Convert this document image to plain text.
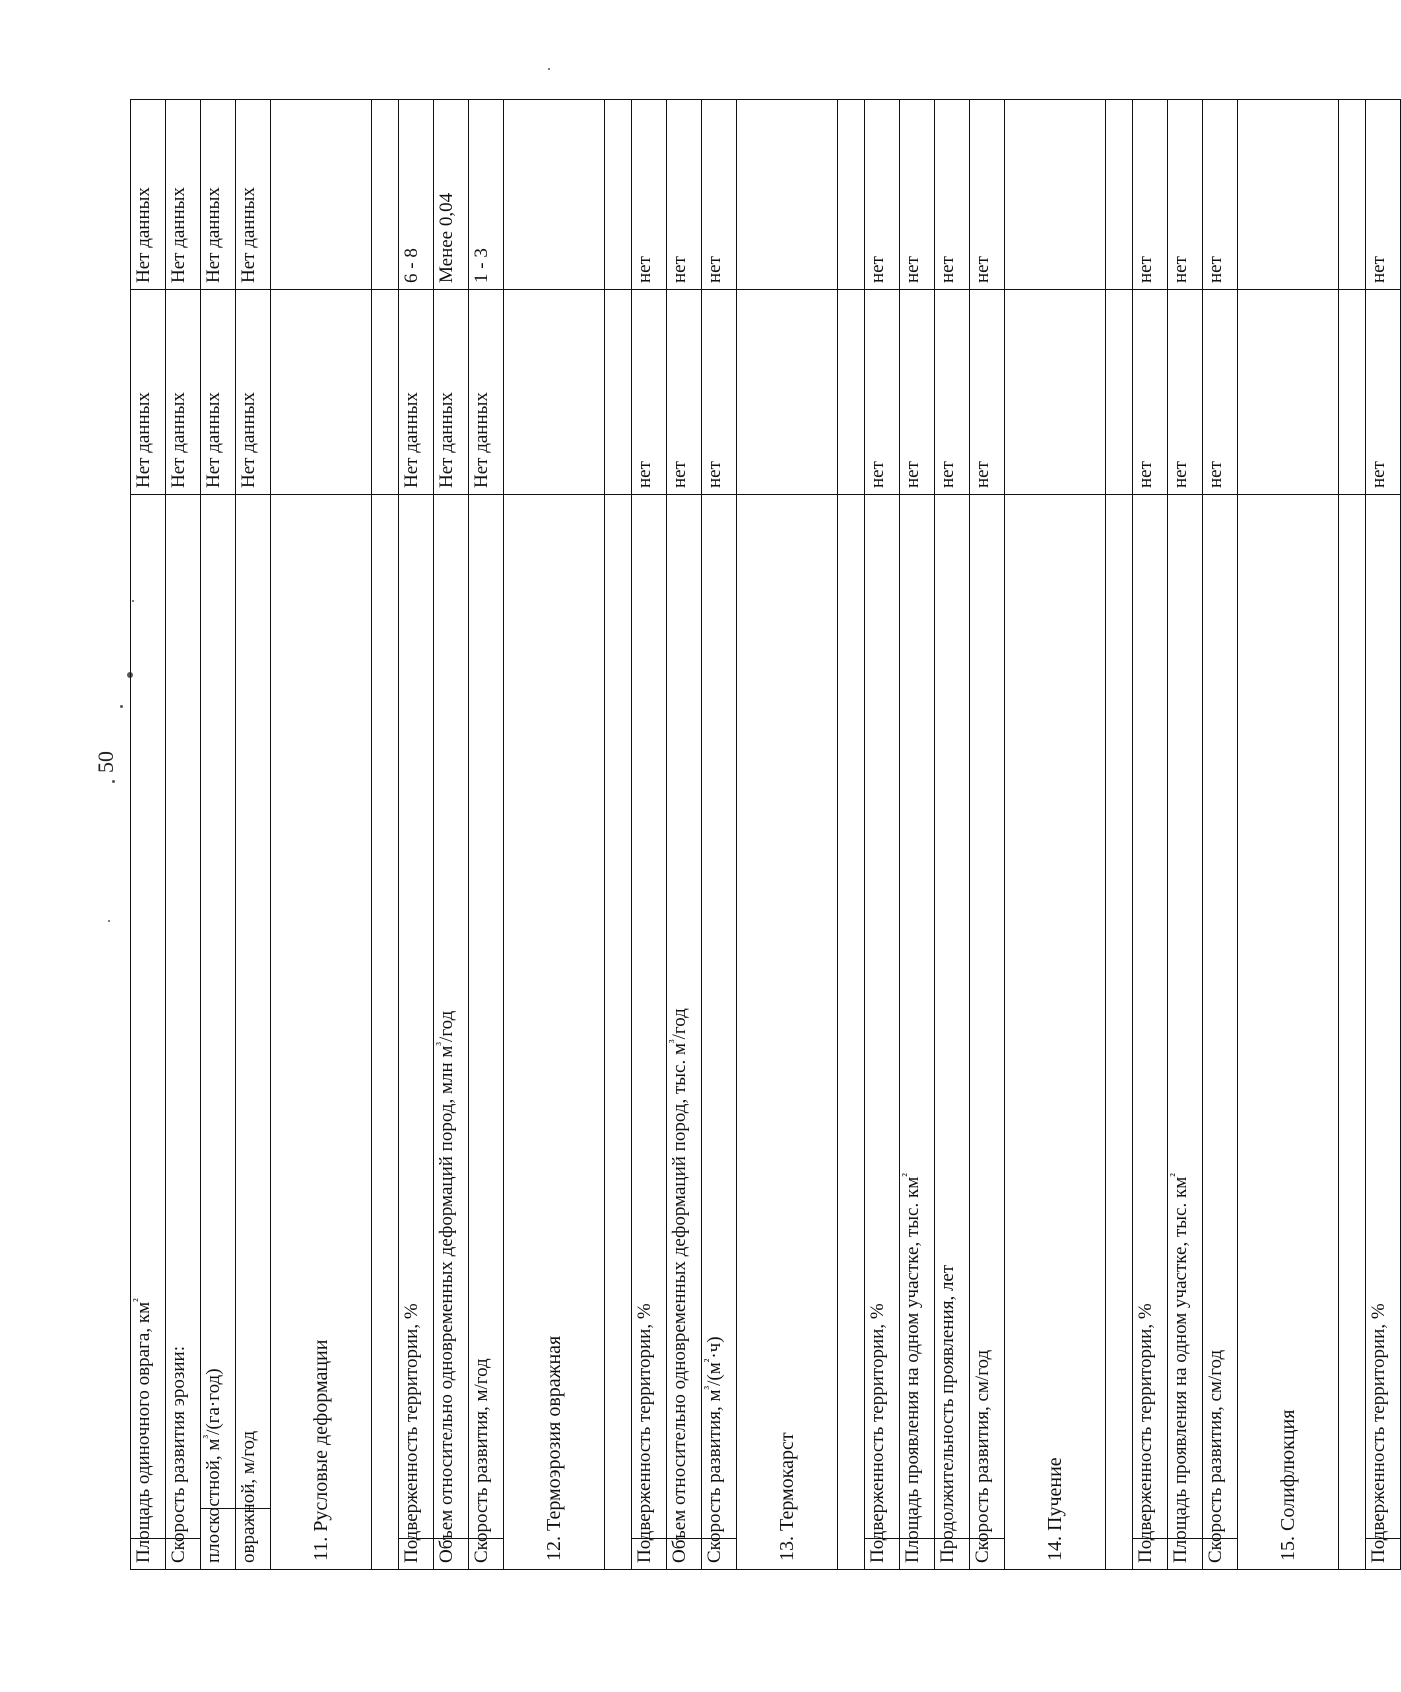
50
Площадь одиночного оврага, $км^{^2}$	Нет данных	Нет данных

Скорость развития эрозии:	Нет данных	Нет данных

плоскостной, $м^{^3}/(га\cdot год)$	Нет данных	Нет данных

овражной, м/год	Нет данных	Нет данных
11. Русловые деформации		

Подверженность территории, %	Нет данных	6 - 8

Объем относительно одновременных деформаций пород, млн $м^{^3}$/год	Нет данных	Менее 0,04

Скорость развития, м/год	Нет данных	1 - 3
12. Термоэрозия овражная		

Подверженность территории, %	нет	нет

Объем относительно одновременных деформаций пород, тыс. $м^{^3}$/год	нет	нет

Скорость развития, $м^{^3}/(м^{^2}\cdot ч)$	нет	нет
13. Термокарст		

Подверженность территории, %	нет	нет

Площадь проявления на одном участке, тыс. $км^{^2}$	нет	нет

Продолжительность проявления, лет	нет	нет

Скорость развития, см/год	нет	нет
14. Пучение		

Подверженность территории, %	нет	нет

Площадь проявления на одном участке, тыс. $км^{^2}$	нет	нет

Скорость развития, см/год	нет	нет
15. Солифлюкция		

Подверженность территории, %	нет	нет
